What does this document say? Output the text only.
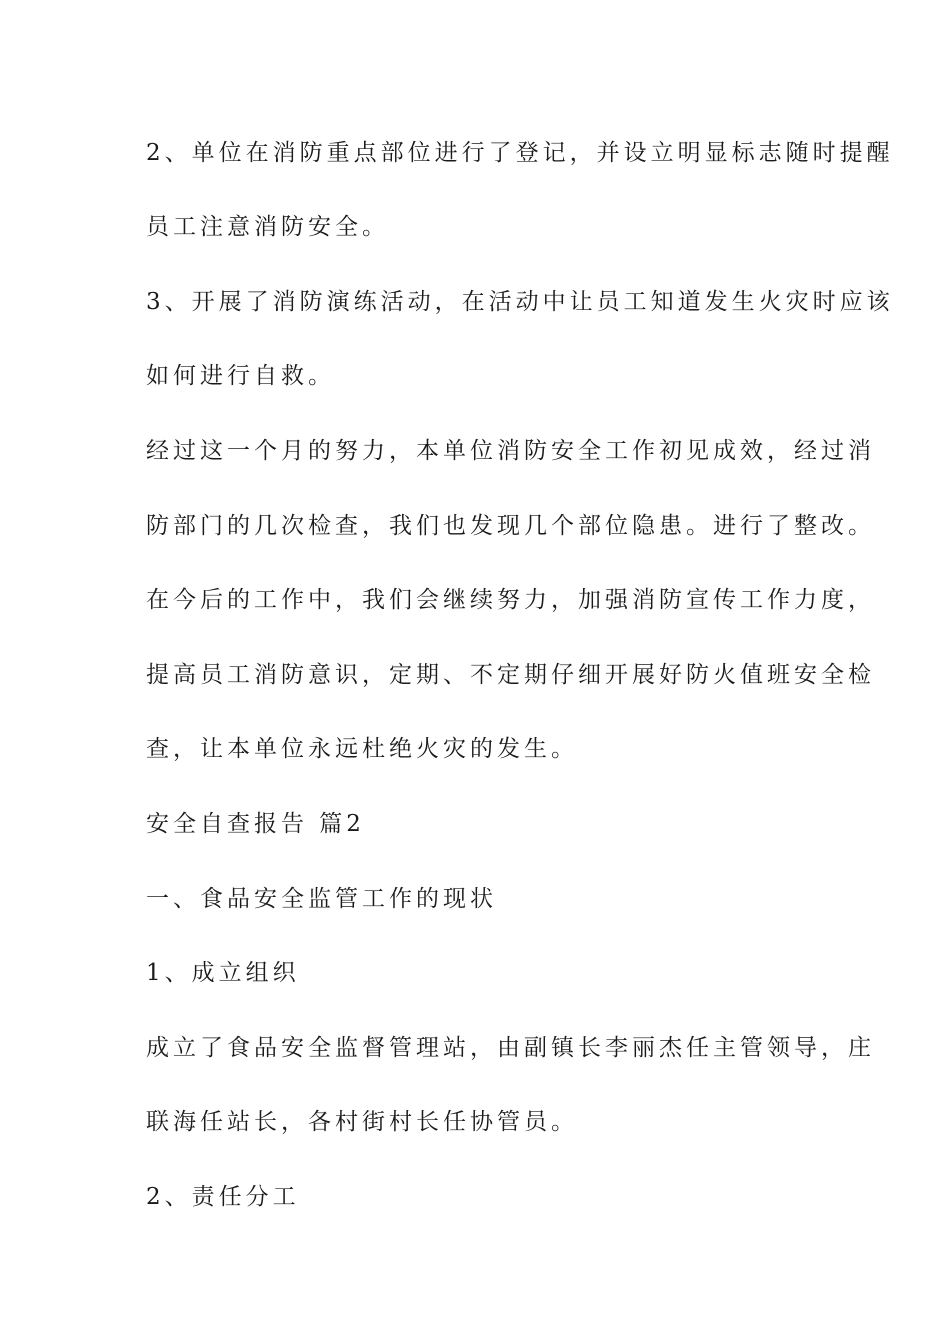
2、单位在消防重点部位进行了登记，并设立明显标志随时提醒
员工注意消防安全。
3、开展了消防演练活动，在活动中让员工知道发生火灾时应该
如何进行自救。
经过这一个月的努力，本单位消防安全工作初见成效，经过消
防部门的几次检查，我们也发现几个部位隐患。进行了整改。
在今后的工作中，我们会继续努力，加强消防宣传工作力度，
提高员工消防意识，定期、不定期仔细开展好防火值班安全检
查，让本单位永远杜绝火灾的发生。
安全自查报告 篇2
一、食品安全监管工作的现状
1、成立组织
成立了食品安全监督管理站，由副镇长李丽杰任主管领导，庄
联海任站长，各村街村长任协管员。
2、责任分工
